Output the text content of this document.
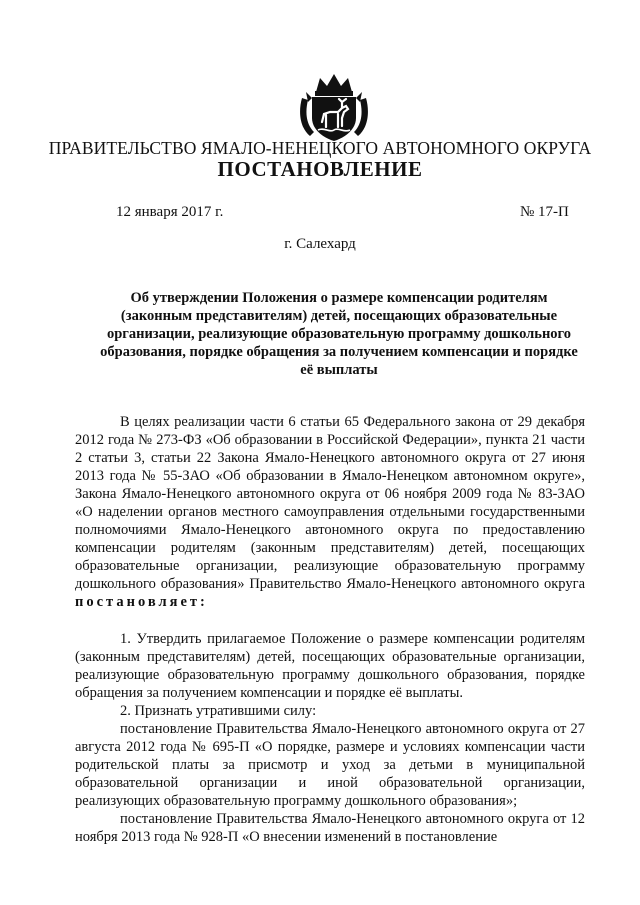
ПРАВИТЕЛЬСТВО ЯМАЛО-НЕНЕЦКОГО АВТОНОМНОГО ОКРУГА
ПОСТАНОВЛЕНИЕ
12 января 2017 г.	№ 17-П
г. Салехард
Об утверждении Положения о размере компенсации родителям (законным представителям) детей, посещающих образовательные организации, реализующие образовательную программу дошкольного образования, порядке обращения за получением компенсации и порядке её выплаты

В целях реализации части 6 статьи 65 Федерального закона от 29 декабря 2012 года № 273-ФЗ «Об образовании в Российской Федерации», пункта 21 части 2 статьи 3, статьи 22 Закона Ямало-Ненецкого автономного округа от 27 июня 2013 года № 55-ЗАО «Об образовании в Ямало-Ненецком автономном округе», Закона Ямало-Ненецкого автономного округа от 06 ноября 2009 года № 83-ЗАО «О наделении органов местного самоуправления отдельными государственными полномочиями Ямало-Ненецкого автономного округа по предоставлению компенсации родителям (законным представителям) детей, посещающих образовательные организации, реализующие образовательную программу дошкольного образования» Правительство Ямало-Ненецкого автономного округа постановляет:

1. Утвердить прилагаемое Положение о размере компенсации родителям (законным представителям) детей, посещающих образовательные организации, реализующие образовательную программу дошкольного образования, порядке обращения за получением компенсации и порядке её выплаты.

2. Признать утратившими силу:

постановление Правительства Ямало-Ненецкого автономного округа от 27 августа 2012 года № 695-П «О порядке, размере и условиях компенсации части родительской платы за присмотр и уход за детьми в муниципальной образовательной организации и иной образовательной организации, реализующих образовательную программу дошкольного образования»;

постановление Правительства Ямало-Ненецкого автономного округа от 12 ноября 2013 года № 928-П «О внесении изменений в постановление
